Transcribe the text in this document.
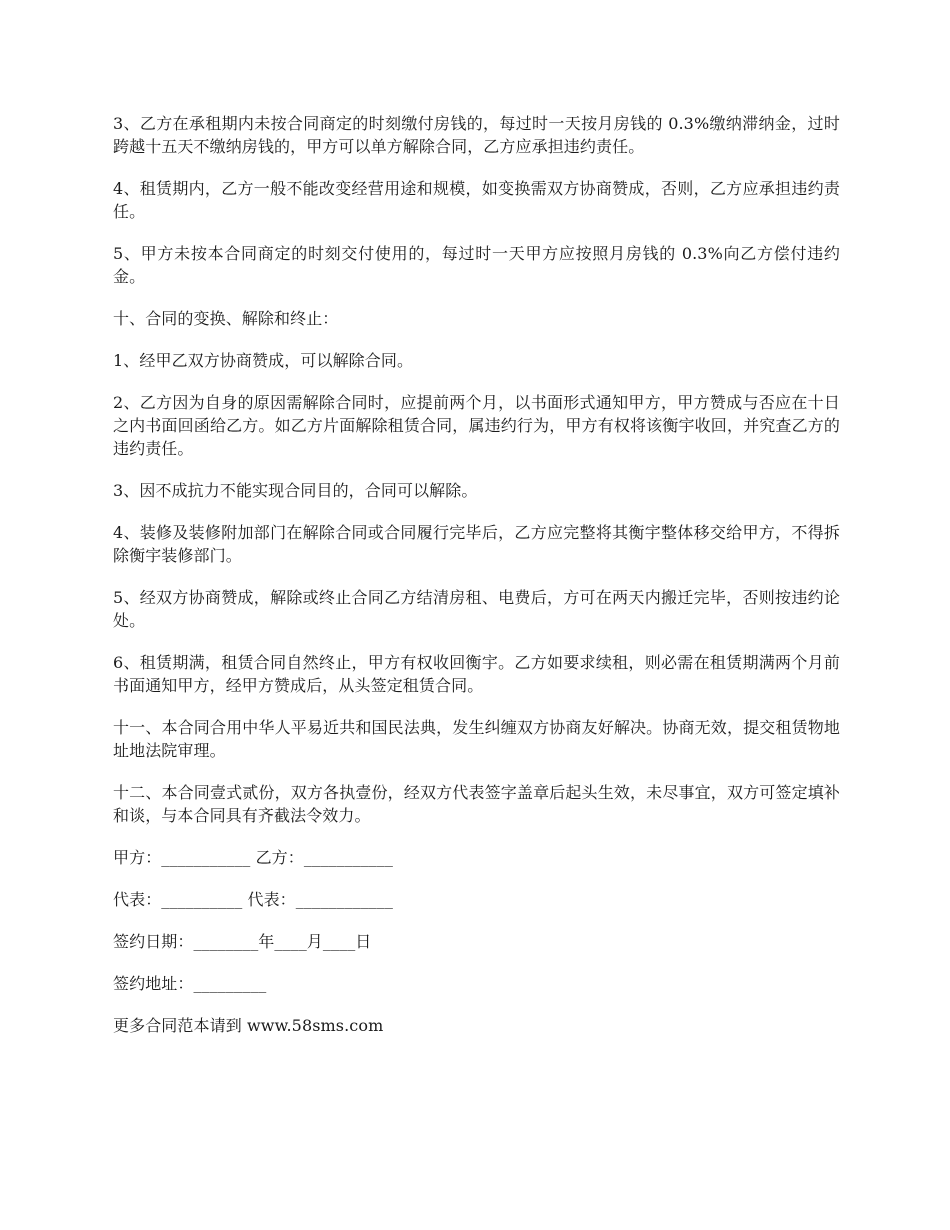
3、乙方在承租期内未按合同商定的时刻缴付房钱的，每过时一天按月房钱的 0.3%缴纳滞纳金，过时跨越十五天不缴纳房钱的，甲方可以单方解除合同，乙方应承担违约责任。

4、租赁期内，乙方一般不能改变经营用途和规模，如变换需双方协商赞成，否则，乙方应承担违约责任。

5、甲方未按本合同商定的时刻交付使用的，每过时一天甲方应按照月房钱的 0.3%向乙方偿付违约金。

十、合同的变换、解除和终止：

1、经甲乙双方协商赞成，可以解除合同。

2、乙方因为自身的原因需解除合同时，应提前两个月，以书面形式通知甲方，甲方赞成与否应在十日之内书面回函给乙方。如乙方片面解除租赁合同，属违约行为，甲方有权将该衡宇收回，并究查乙方的违约责任。

3、因不成抗力不能实现合同目的，合同可以解除。

4、装修及装修附加部门在解除合同或合同履行完毕后，乙方应完整将其衡宇整体移交给甲方，不得拆除衡宇装修部门。

5、经双方协商赞成，解除或终止合同乙方结清房租、电费后，方可在两天内搬迁完毕，否则按违约论处。

6、租赁期满，租赁合同自然终止，甲方有权收回衡宇。乙方如要求续租，则必需在租赁期满两个月前书面通知甲方，经甲方赞成后，从头签定租赁合同。

十一、本合同合用中华人平易近共和国民法典，发生纠缠双方协商友好解决。协商无效，提交租赁物地址地法院审理。

十二、本合同壹式贰份，双方各执壹份，经双方代表签字盖章后起头生效，未尽事宜，双方可签定填补和谈，与本合同具有齐截法令效力。

甲方：___________ 乙方：___________

代表：__________ 代表：____________

签约日期：________年____月____日

签约地址：_________

更多合同范本请到 www.58sms.com
